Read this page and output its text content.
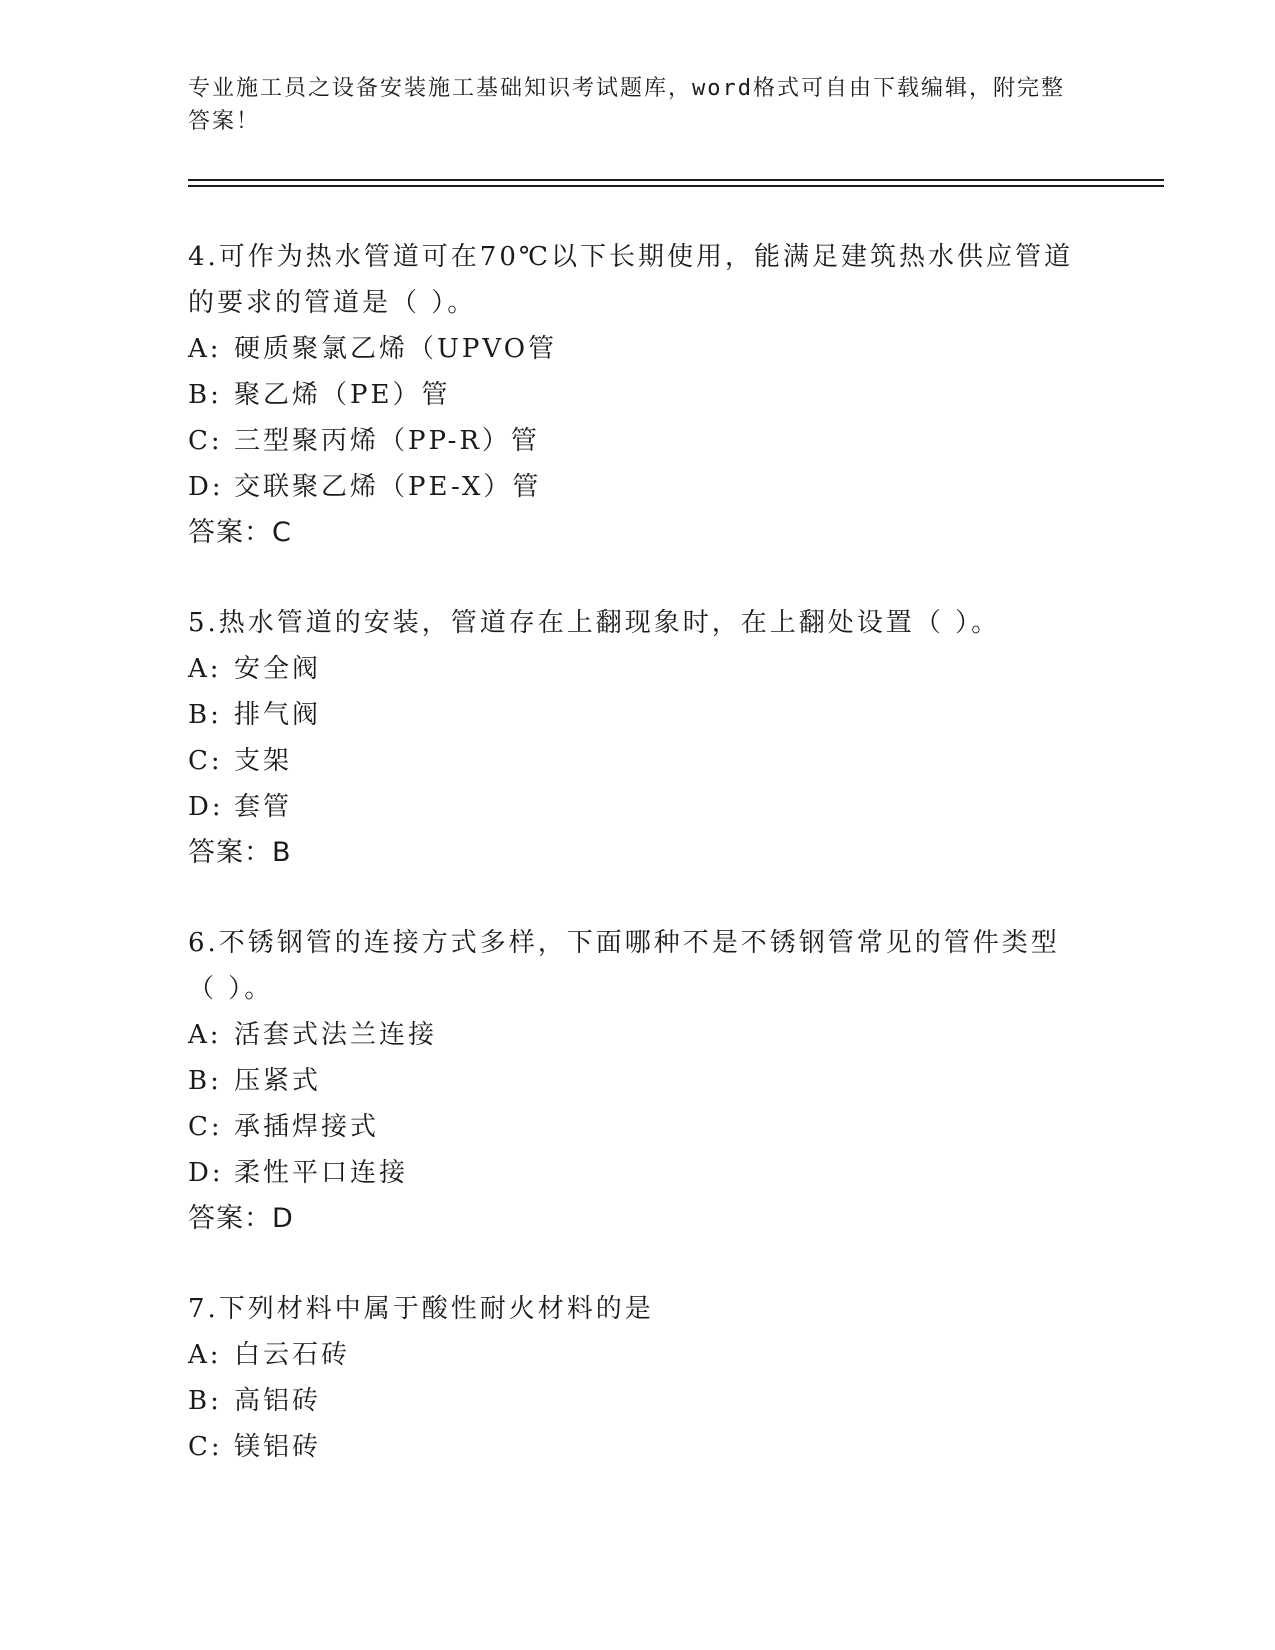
专业施工员之设备安装施工基础知识考试题库，word格式可自由下载编辑，附完整答案！
4.可作为热水管道可在70℃以下长期使用，能满足建筑热水供应管道的要求的管道是（ ）。
A: 硬质聚氯乙烯（UPVO管
B: 聚乙烯（PE）管
C: 三型聚丙烯（PP-R）管
D: 交联聚乙烯（PE-X）管
答案：C
5.热水管道的安装，管道存在上翻现象时，在上翻处设置（ ）。
A: 安全阀
B: 排气阀
C: 支架
D: 套管
答案：B
6.不锈钢管的连接方式多样，下面哪种不是不锈钢管常见的管件类型（ ）。
A: 活套式法兰连接
B: 压紧式
C: 承插焊接式
D: 柔性平口连接
答案：D
7.下列材料中属于酸性耐火材料的是
A: 白云石砖
B: 高铝砖
C: 镁铝砖
